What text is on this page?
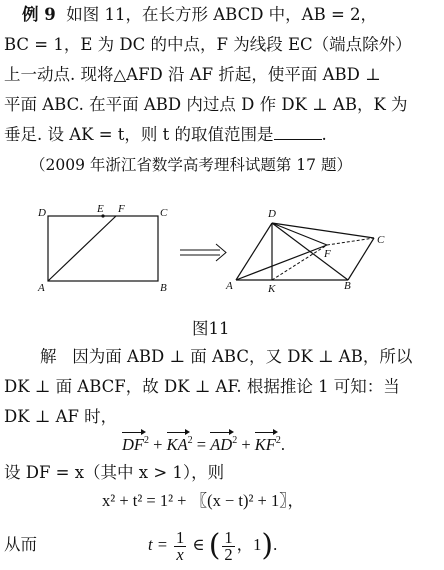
例 9 如图 11，在长方形 ABCD 中，AB = 2，
BC = 1，E 为 DC 的中点，F 为线段 EC（端点除外）
上一动点. 现将△AFD 沿 AF 折起，使平面 ABD ⊥
平面 ABC. 在平面 ABD 内过点 D 作 DK ⊥ AB，K 为
垂足. 设 AK = t，则 t 的取值范围是	.
（2009 年浙江省数学高考理科试题第 17 题）
D	E F	C
A	B
D
F
C
A	K	B
图11
解 因为面 ABD ⊥ 面 ABC，又 DK ⊥ AB，所以
DK ⊥ 面 ABCF，故 DK ⊥ AF. 根据推论 1 可知：当
DK ⊥ AF 时，
$DF^2 + KA^2 = AD^2 + KF^2$.
设 DF = x（其中 x > 1），则
x² + t² = 1² + 〖(x − t)² + 1〗，
从而	$t = \frac{1}{x}$ ∈ ( $\frac{1}{2}$ ，1).
